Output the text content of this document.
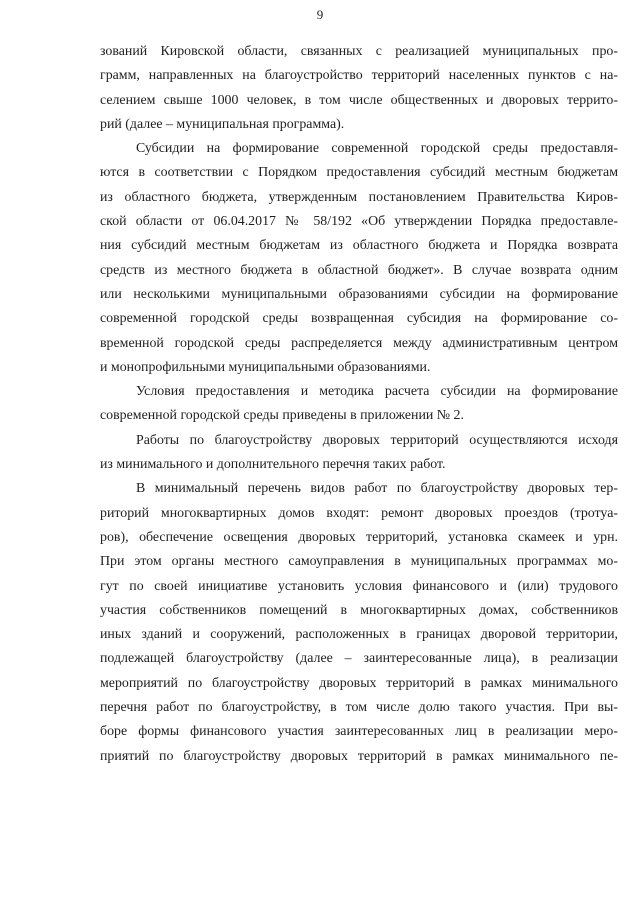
9
зований Кировской области, связанных с реализацией муниципальных про-
грамм, направленных на благоустройство территорий населенных пунктов с на-
селением свыше 1000 человек, в том числе общественных и дворовых террито-
рий (далее – муниципальная программа).
Субсидии на формирование современной городской среды предоставля-
ются в соответствии с Порядком предоставления субсидий местным бюджетам
из областного бюджета, утвержденным постановлением Правительства Киров-
ской области от 06.04.2017 № 58/192 «Об утверждении Порядка предоставле-
ния субсидий местным бюджетам из областного бюджета и Порядка возврата
средств из местного бюджета в областной бюджет». В случае возврата одним
или несколькими муниципальными образованиями субсидии на формирование
современной городской среды возвращенная субсидия на формирование со-
временной городской среды распределяется между административным центром
и монопрофильными муниципальными образованиями.
Условия предоставления и методика расчета субсидии на формирование
современной городской среды приведены в приложении № 2.
Работы по благоустройству дворовых территорий осуществляются исходя
из минимального и дополнительного перечня таких работ.
В минимальный перечень видов работ по благоустройству дворовых тер-
риторий многоквартирных домов входят: ремонт дворовых проездов (тротуа-
ров), обеспечение освещения дворовых территорий, установка скамеек и урн.
При этом органы местного самоуправления в муниципальных программах мо-
гут по своей инициативе установить условия финансового и (или) трудового
участия собственников помещений в многоквартирных домах, собственников
иных зданий и сооружений, расположенных в границах дворовой территории,
подлежащей благоустройству (далее – заинтересованные лица), в реализации
мероприятий по благоустройству дворовых территорий в рамках минимального
перечня работ по благоустройству, в том числе долю такого участия. При вы-
боре формы финансового участия заинтересованных лиц в реализации меро-
приятий по благоустройству дворовых территорий в рамках минимального пе-
